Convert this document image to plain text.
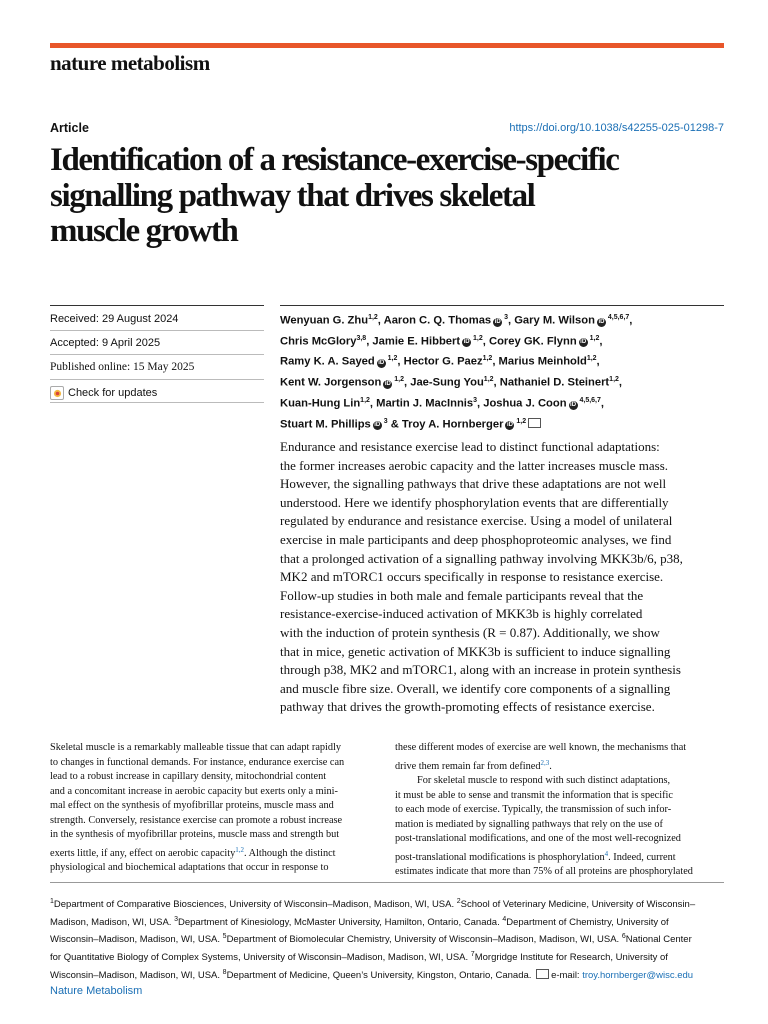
nature metabolism
Article	https://doi.org/10.1038/s42255-025-01298-7
Identification of a resistance-exercise-specific
signalling pathway that drives skeletal
muscle growth
Received: 29 August 2024
Accepted: 9 April 2025
Published online: 15 May 2025
Check for updates
Wenyuan G. Zhu$^{1,2}$, Aaron C. Q. Thomas iD $^3$, Gary M. Wilson iD $^{4,5,6,7}$,
Chris McGlory$^{3,8}$, Jamie E. Hibbert iD $^{1,2}$, Corey GK. Flynn iD $^{1,2}$,
Ramy K. A. Sayed iD $^{1,2}$, Hector G. Paez$^{1,2}$, Marius Meinhold$^{1,2}$,
Kent W. Jorgenson iD $^{1,2}$, Jae-Sung You$^{1,2}$, Nathaniel D. Steinert$^{1,2}$,
Kuan-Hung Lin$^{1,2}$, Martin J. MacInnis$^3$, Joshua J. Coon iD $^{4,5,6,7}$,
Stuart M. Phillips iD $^3$ & Troy A. Hornberger iD $^{1,2}$
Endurance and resistance exercise lead to distinct functional adaptations:
the former increases aerobic capacity and the latter increases muscle mass.
However, the signalling pathways that drive these adaptations are not well
understood. Here we identify phosphorylation events that are differentially
regulated by endurance and resistance exercise. Using a model of unilateral
exercise in male participants and deep phosphoproteomic analyses, we find
that a prolonged activation of a signalling pathway involving MKK3b/6, p38,
MK2 and mTORC1 occurs specifically in response to resistance exercise.
Follow-up studies in both male and female participants reveal that the
resistance-exercise-induced activation of MKK3b is highly correlated
with the induction of protein synthesis (R = 0.87). Additionally, we show
that in mice, genetic activation of MKK3b is sufficient to induce signalling
through p38, MK2 and mTORC1, along with an increase in protein synthesis
and muscle fibre size. Overall, we identify core components of a signalling
pathway that drives the growth-promoting effects of resistance exercise.
Skeletal muscle is a remarkably malleable tissue that can adapt rapidly
to changes in functional demands. For instance, endurance exercise can
lead to a robust increase in capillary density, mitochondrial content
and a concomitant increase in aerobic capacity but exerts only a mini-
mal effect on the synthesis of myofibrillar proteins, muscle mass and
strength. Conversely, resistance exercise can promote a robust increase
in the synthesis of myofibrillar proteins, muscle mass and strength but
exerts little, if any, effect on aerobic capacity$^{1,2}$. Although the distinct
physiological and biochemical adaptations that occur in response to
these different modes of exercise are well known, the mechanisms that
drive them remain far from defined$^{2,3}$.
For skeletal muscle to respond with such distinct adaptations,
it must be able to sense and transmit the information that is specific
to each mode of exercise. Typically, the transmission of such infor-
mation is mediated by signalling pathways that rely on the use of
post-translational modifications, and one of the most well-recognized
post-translational modifications is phosphorylation$^4$. Indeed, current
estimates indicate that more than 75% of all proteins are phosphorylated
$^1$Department of Comparative Biosciences, University of Wisconsin–Madison, Madison, WI, USA. $^2$School of Veterinary Medicine, University of Wisconsin–
Madison, Madison, WI, USA. $^3$Department of Kinesiology, McMaster University, Hamilton, Ontario, Canada. $^4$Department of Chemistry, University of
Wisconsin–Madison, Madison, WI, USA. $^5$Department of Biomolecular Chemistry, University of Wisconsin–Madison, Madison, WI, USA. $^6$National Center
for Quantitative Biology of Complex Systems, University of Wisconsin–Madison, Madison, WI, USA. $^7$Morgridge Institute for Research, University of
Wisconsin–Madison, Madison, WI, USA. $^8$Department of Medicine, Queen’s University, Kingston, Ontario, Canada. e-mail: troy.hornberger@wisc.edu
Nature Metabolism
